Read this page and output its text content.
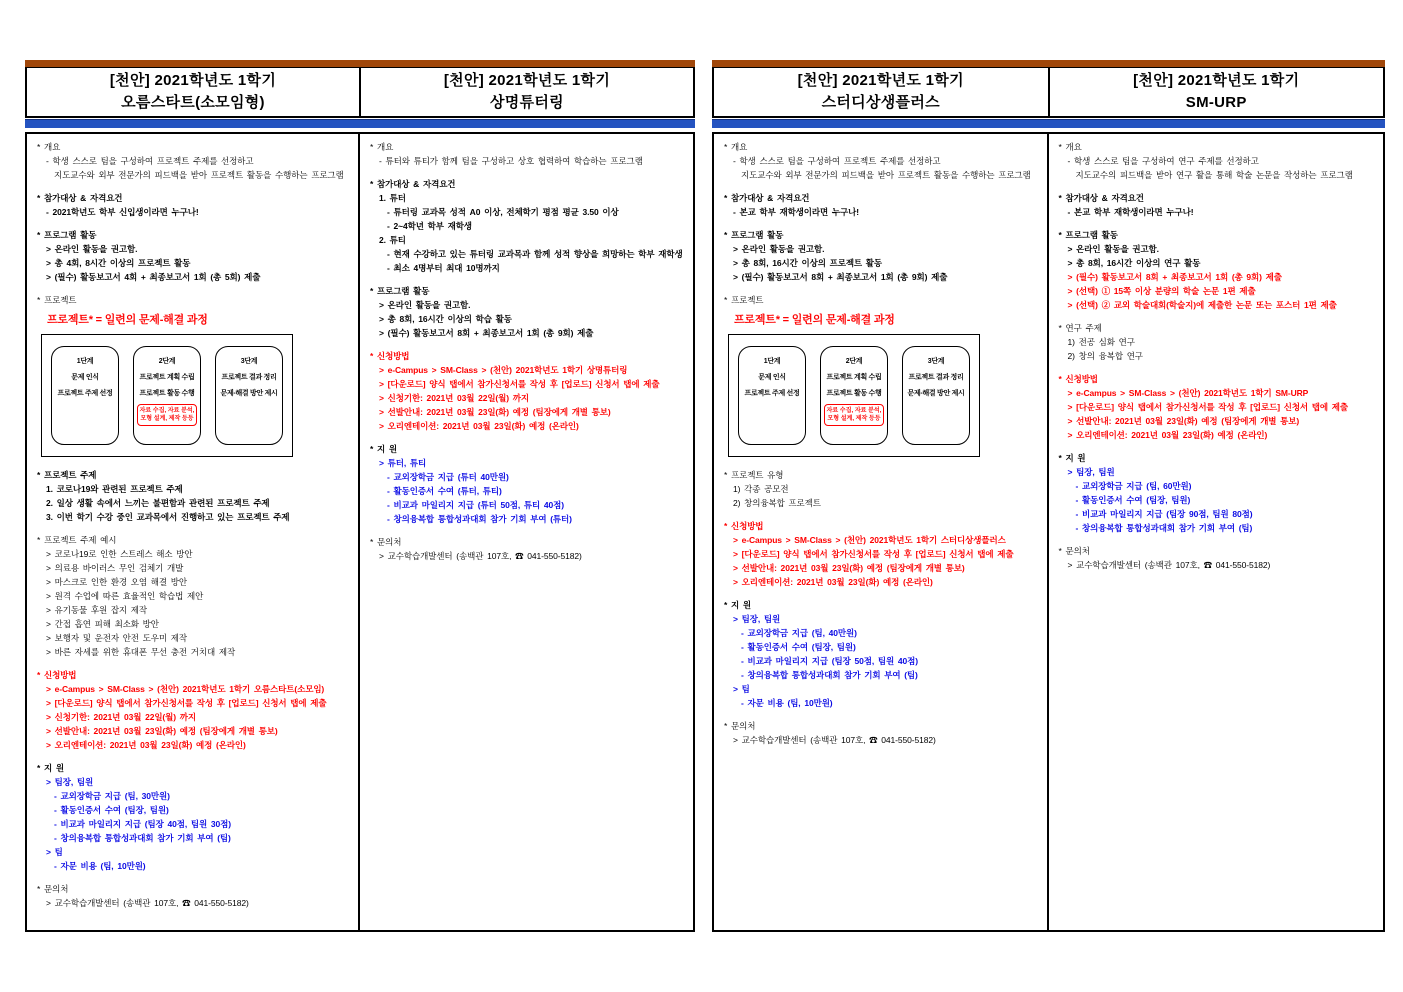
[천안] 2021학년도 1학기
오름스타트(소모임형)
[천안] 2021학년도 1학기
상명튜터링
* 개요
- 학생 스스로 팀을 구성하여 프로젝트 주제를 선정하고
지도교수와 외부 전문가의 피드백을 받아 프로젝트 활동을 수행하는 프로그램
* 참가대상 & 자격요건
- 2021학년도 학부 신입생이라면 누구나!
* 프로그램 활동
> 온라인 활동을 권고함.
> 총 4회, 8시간 이상의 프로젝트 활동
> (필수) 활동보고서 4회 + 최종보고서 1회 (총 5회) 제출
* 프로젝트
프로젝트* = 일련의 문제-해결 과정
1단계
문제 인식
프로젝트 주제 선정
2단계
프로젝트 계획 수립
프로젝트 활동 수행
자료 수집, 자료 분석,
모형 설계, 제작 등등
3단계
프로젝트 결과 정리
문제-해결 방안 제시
* 프로젝트 주제
1. 코로나19와 관련된 프로젝트 주제
2. 일상 생활 속에서 느끼는 불편함과 관련된 프로젝트 주제
3. 이번 학기 수강 중인 교과목에서 진행하고 있는 프로젝트 주제
* 프로젝트 주제 예시
> 코로나19로 인한 스트레스 해소 방안
> 의료용 바이러스 무인 검체기 개발
> 마스크로 인한 환경 오염 해결 방안
> 원격 수업에 따른 효율적인 학습법 제안
> 유기동물 후원 잡지 제작
> 간접 흡연 피해 최소화 방안
> 보행자 및 운전자 안전 도우미 제작
> 바른 자세를 위한 휴대폰 무선 충전 거치대 제작
* 신청방법
> e-Campus > SM-Class > (천안) 2021학년도 1학기 오름스타트(소모임)
> [다운로드] 양식 탭에서 참가신청서를 작성 후 [업로드] 신청서 탭에 제출
> 신청기한: 2021년 03월 22일(월) 까지
> 선발안내: 2021년 03월 23일(화) 예정 (팀장에게 개별 통보)
> 오리엔테이션: 2021년 03월 23일(화) 예정 (온라인)
* 지 원
> 팀장, 팀원
- 교외장학금 지급 (팀, 30만원)
- 활동인증서 수여 (팀장, 팀원)
- 비교과 마일리지 지급 (팀장 40점, 팀원 30점)
- 창의융복합 통합성과대회 참가 기회 부여 (팀)
> 팀
- 자문 비용 (팀, 10만원)
* 문의처
> 교수학습개발센터 (송백관 107호, ☎ 041-550-5182)
* 개요
- 튜터와 튜티가 함께 팀을 구성하고 상호 협력하여 학습하는 프로그램
* 참가대상 & 자격요건
1. 튜터
- 튜터링 교과목 성적 A0 이상, 전체학기 평점 평균 3.50 이상
- 2~4학년 학부 재학생
2. 튜티
- 현재 수강하고 있는 튜터링 교과목과 함께 성적 향상을 희망하는 학부 재학생
- 최소 4명부터 최대 10명까지
* 프로그램 활동
> 온라인 활동을 권고함.
> 총 8회, 16시간 이상의 학습 활동
> (필수) 활동보고서 8회 + 최종보고서 1회 (총 9회) 제출
* 신청방법
> e-Campus > SM-Class > (천안) 2021학년도 1학기 상명튜터링
> [다운로드] 양식 탭에서 참가신청서를 작성 후 [업로드] 신청서 탭에 제출
> 신청기한: 2021년 03월 22일(월) 까지
> 선발안내: 2021년 03월 23일(화) 예정 (팀장에게 개별 통보)
> 오리엔테이션: 2021년 03월 23일(화) 예정 (온라인)
* 지 원
> 튜터, 튜티
- 교외장학금 지급 (튜터 40만원)
- 활동인증서 수여 (튜터, 튜티)
- 비교과 마일리지 지급 (튜터 50점, 튜티 40점)
- 창의융복합 통합성과대회 참가 기회 부여 (튜터)
* 문의처
> 교수학습개발센터 (송백관 107호, ☎ 041-550-5182)
[천안] 2021학년도 1학기
스터디상생플러스
[천안] 2021학년도 1학기
SM-URP
* 개요
- 학생 스스로 팀을 구성하여 프로젝트 주제를 선정하고
지도교수와 외부 전문가의 피드백을 받아 프로젝트 활동을 수행하는 프로그램
* 참가대상 & 자격요건
- 본교 학부 재학생이라면 누구나!
* 프로그램 활동
> 온라인 활동을 권고함.
> 총 8회, 16시간 이상의 프로젝트 활동
> (필수) 활동보고서 8회 + 최종보고서 1회 (총 9회) 제출
* 프로젝트
프로젝트* = 일련의 문제-해결 과정
1단계
문제 인식
프로젝트 주제 선정
2단계
프로젝트 계획 수립
프로젝트 활동 수행
자료 수집, 자료 분석,
모형 설계, 제작 등등
3단계
프로젝트 결과 정리
문제-해결 방안 제시
* 프로젝트 유형
1) 각종 공모전
2) 창의융복합 프로젝트
* 신청방법
> e-Campus > SM-Class > (천안) 2021학년도 1학기 스터디상생플러스
> [다운로드] 양식 탭에서 참가신청서를 작성 후 [업로드] 신청서 탭에 제출
> 선발안내: 2021년 03월 23일(화) 예정 (팀장에게 개별 통보)
> 오리엔테이션: 2021년 03월 23일(화) 예정 (온라인)
* 지 원
> 팀장, 팀원
- 교외장학금 지급 (팀, 40만원)
- 활동인증서 수여 (팀장, 팀원)
- 비교과 마일리지 지급 (팀장 50점, 팀원 40점)
- 창의융복합 통합성과대회 참가 기회 부여 (팀)
> 팀
- 자문 비용 (팀, 10만원)
* 문의처
> 교수학습개발센터 (송백관 107호, ☎ 041-550-5182)
* 개요
- 학생 스스로 팀을 구성하여 연구 주제를 선정하고
지도교수의 피드백을 받아 연구 활을 통해 학술 논문을 작성하는 프로그램
* 참가대상 & 자격요건
- 본교 학부 재학생이라면 누구나!
* 프로그램 활동
> 온라인 활동을 권고함.
> 총 8회, 16시간 이상의 연구 활동
> (필수) 활동보고서 8회 + 최종보고서 1회 (총 9회) 제출
> (선택) ① 15쪽 이상 분량의 학술 논문 1편 제출
> (선택) ② 교외 학술대회(학술지)에 제출한 논문 또는 포스터 1편 제출
* 연구 주제
1) 전공 심화 연구
2) 창의 융복합 연구
* 신청방법
> e-Campus > SM-Class > (천안) 2021학년도 1학기 SM-URP
> [다운로드] 양식 탭에서 참가신청서를 작성 후 [업로드] 신청서 탭에 제출
> 선발안내: 2021년 03월 23일(화) 예정 (팀장에게 개별 통보)
> 오리엔테이션: 2021년 03월 23일(화) 예정 (온라인)
* 지 원
> 팀장, 팀원
- 교외장학금 지급 (팀, 60만원)
- 활동인증서 수여 (팀장, 팀원)
- 비교과 마일리지 지급 (팀장 90점, 팀원 80점)
- 창의융복합 통합성과대회 참가 기회 부여 (팀)
* 문의처
> 교수학습개발센터 (송백관 107호, ☎ 041-550-5182)
